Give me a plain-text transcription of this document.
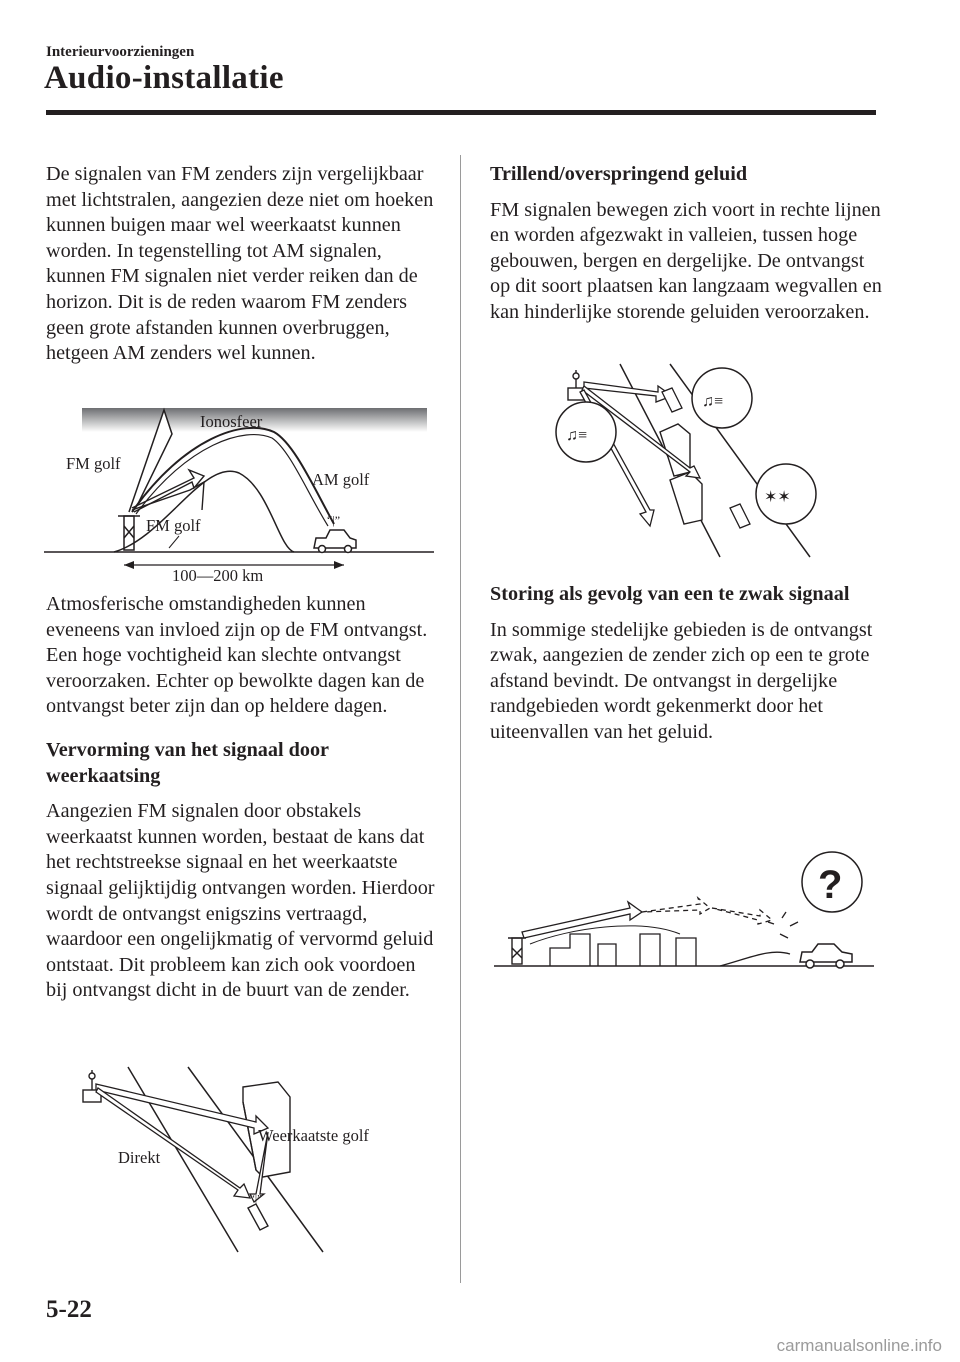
Interieurvoorzieningen
Audio-installatie

De signalen van FM zenders zijn vergelijkbaar met lichtstralen, aangezien deze niet om hoeken kunnen buigen maar wel weerkaatst kunnen worden. In tegenstelling tot AM signalen, kunnen FM signalen niet verder reiken dan de horizon. Dit is de reden waarom FM zenders geen grote afstanden kunnen overbruggen, hetgeen AM zenders wel kunnen.

“|”
Ionosfeer
FM golf
AM golf
FM golf
100—200 km

Atmosferische omstandigheden kunnen eveneens van invloed zijn op de FM ontvangst. Een hoge vochtigheid kan slechte ontvangst veroorzaken. Echter op bewolkte dagen kan de ontvangst beter zijn dan op heldere dagen.

Vervorming van het signaal door weerkaatsing

Aangezien FM signalen door obstakels weerkaatst kunnen worden, bestaat de kans dat het rechtstreekse signaal en het weerkaatste signaal gelijktijdig ontvangen worden. Hierdoor wordt de ontvangst enigszins vertraagd, waardoor een ongelijkmatig of vervormd geluid ontstaat. Dit probleem kan zich ook voordoen bij ontvangst dicht in de buurt van de zender.

“|”
Weerkaatste golf
Direkt
Trillend/overspringend geluid

FM signalen bewegen zich voort in rechte lijnen en worden afgezwakt in valleien, tussen hoge gebouwen, bergen en dergelijke. De ontvangst op dit soort plaatsen kan langzaam wegvallen en kan hinderlijke storende geluiden veroorzaken.

♫≡
♫≡
✶✶
Storing als gevolg van een te zwak signaal

In sommige stedelijke gebieden is de ontvangst zwak, aangezien de zender zich op een te grote afstand bevindt. De ontvangst in dergelijke randgebieden wordt gekenmerkt door het uiteenvallen van het geluid.

?
5-22
carmanualsonline.info
